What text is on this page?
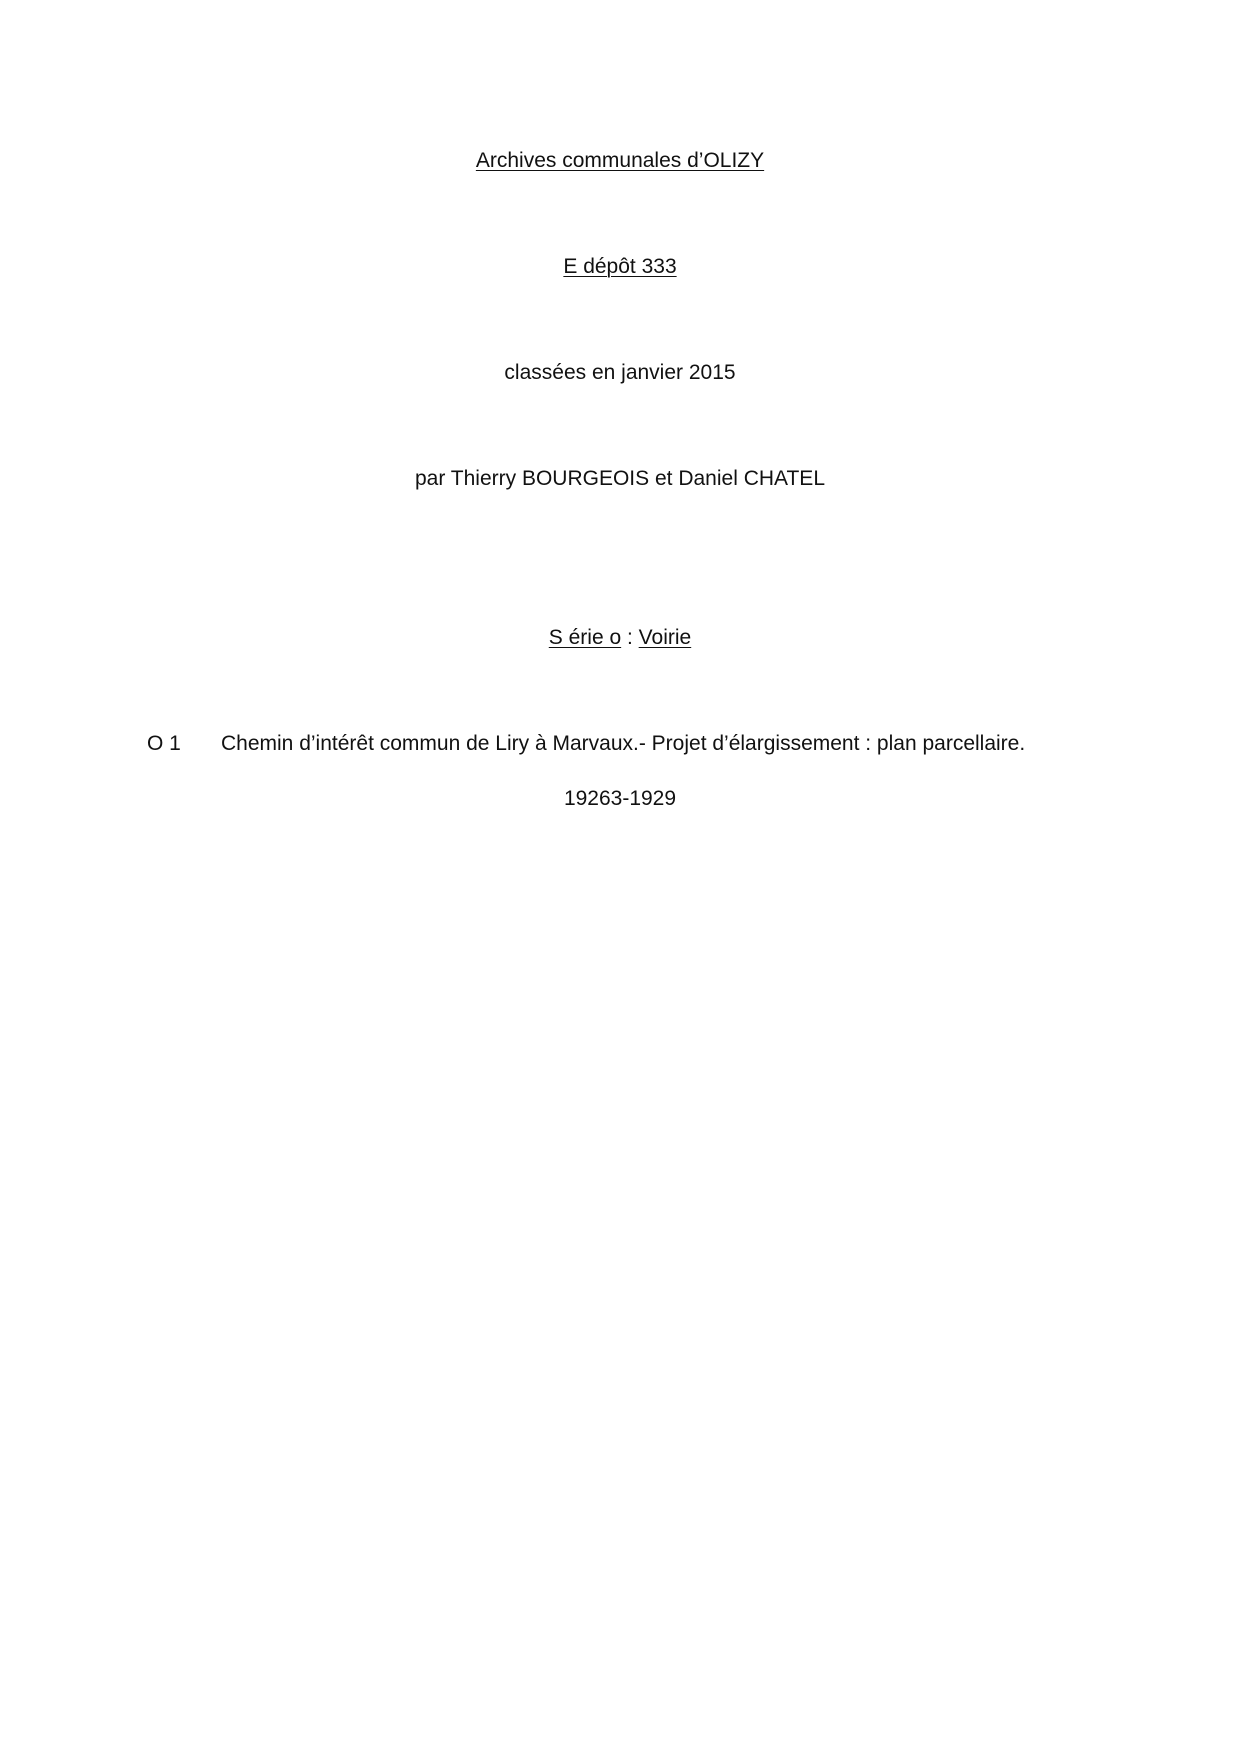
Archives communales d’OLIZY
E dépôt 333
classées en janvier 2015
par Thierry BOURGEOIS et Daniel CHATEL
S érie o : Voirie
O 1 Chemin d’intérêt commun de Liry à Marvaux.- Projet d’élargissement : plan parcellaire.
19263-1929
